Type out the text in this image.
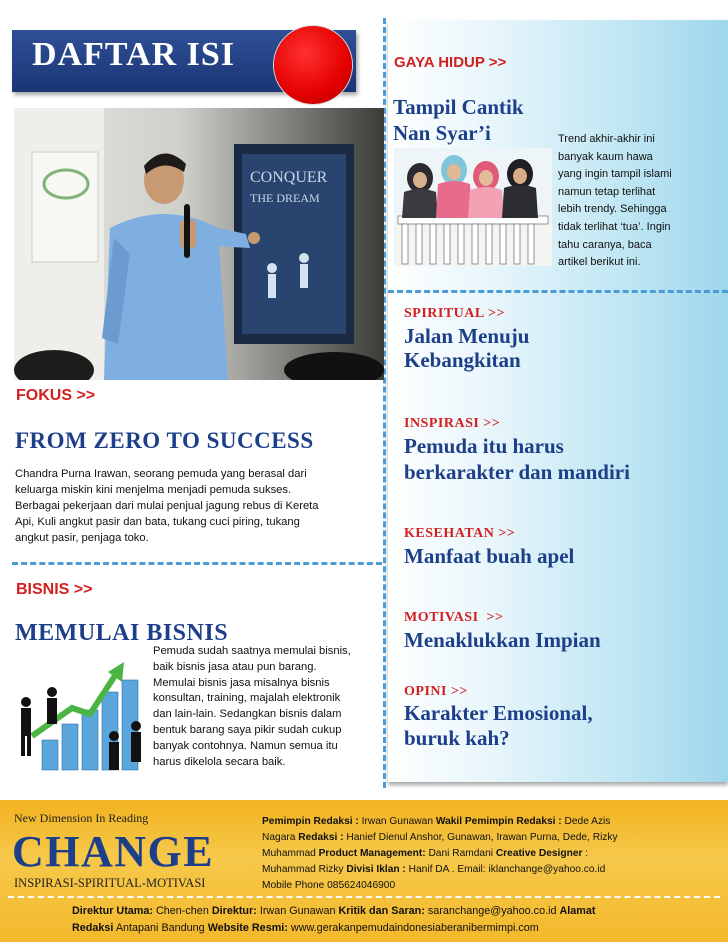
DAFTAR ISI	GAYA HIDUP >>
Tampil Cantik
Nan Syar’i	Trend akhir-akhir ini
banyak kaum hawa
yang ingin tampil islami
namun tetap terlihat
lebih trendy. Sehingga
tidak terlihat ‘tua’. Ingin
tahu caranya, baca
artikel berikut ini.
SPIRITUAL >>
Jalan Menuju
Kebangkitan
INSPIRASI >>
Pemuda itu harus
berkarakter dan mandiri
KESEHATAN >>
Manfaat buah apel
MOTIVASI  >>
Menaklukkan Impian
OPINI >>
Karakter Emosional,
buruk kah?
CONQUER
THE DREAM
FOKUS >>
FROM ZERO TO SUCCESS
Chandra Purna Irawan, seorang pemuda yang berasal dari
keluarga miskin kini menjelma menjadi pemuda sukses.
Berbagai pekerjaan dari mulai penjual jagung rebus di Kereta
Api, Kuli angkut pasir dan bata, tukang cuci piring, tukang
angkut pasir, penjaga toko.
BISNIS >>
MEMULAI BISNIS
Pemuda sudah saatnya memulai bisnis,
baik bisnis jasa atau pun barang.
Memulai bisnis jasa misalnya bisnis
konsultan, training, majalah elektronik
dan lain-lain. Sedangkan bisnis dalam
bentuk barang saya pikir sudah cukup
banyak contohnya. Namun semua itu
harus dikelola secara baik.
New Dimension In Reading
CHANGE
INSPIRASI-SPIRITUAL-MOTIVASI
Pemimpin Redaksi : Irwan Gunawan Wakil Pemimpin Redaksi : Dede Azis
Nagara Redaksi : Hanief Dienul Anshor, Gunawan, Irawan Purna, Dede, Rizky
Muhammad Product Management: Dani Ramdani Creative Designer :
Muhammad Rizky Divisi Iklan : Hanif DA . Email: iklanchange@yahoo.co.id
Mobile Phone 085624046900
Direktur Utama: Chen-chen Direktur: Irwan Gunawan Kritik dan Saran: saranchange@yahoo.co.id Alamat
Redaksi Antapani Bandung Website Resmi: www.gerakanpemudaindonesiaberanibermimpi.com
